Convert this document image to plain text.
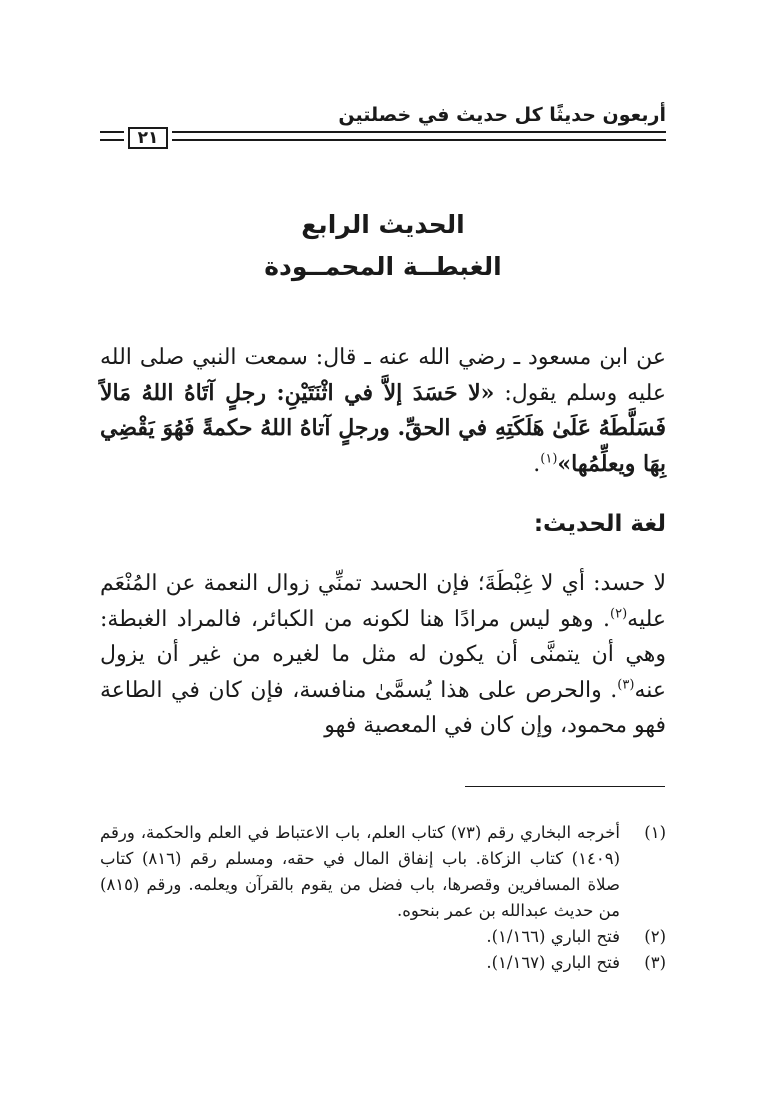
أربعون حديثًا كل حديث في خصلتين
٢١
الحديث الرابع
الغبطــة المحمــودة
عن ابن مسعود ـ رضي الله عنه ـ قال: سمعت النبي صلى الله عليه وسلم يقول: «لا حَسَدَ إلاَّ في اثْنَتَيْنِ: رجلٍ آتَاهُ اللهُ مَالاً فَسَلَّطَهُ عَلَىٰ هَلَكَتِهِ في الحقِّ. ورجلٍ آتاهُ اللهُ حكمةً فَهُوَ يَقْضِي بِهَا ويعلِّمُها»$^{(١)}$.
لغة الحديث:
لا حسد: أي لا غِبْطَةَ؛ فإن الحسد تمنِّي زوال النعمة عن المُنْعَم عليه$^{(٢)}$. وهو ليس مرادًا هنا لكونه من الكبائر، فالمراد الغبطة: وهي أن يتمنَّى أن يكون له مثل ما لغيره من غير أن يزول عنه$^{(٣)}$. والحرص على هذا يُسمَّىٰ منافسة، فإن كان في الطاعة فهو محمود، وإن كان في المعصية فهو
(١)
أخرجه البخاري رقم (٧٣) كتاب العلم، باب الاعتباط في العلم والحكمة، ورقم (١٤٠٩) كتاب الزكاة. باب إنفاق المال في حقه، ومسلم رقم (٨١٦) كتاب صلاة المسافرين وقصرها، باب فضل من يقوم بالقرآن ويعلمه. ورقم (٨١٥) من حديث عبدالله بن عمر بنحوه.
(٢)
فتح الباري (١/١٦٦).
(٣)
فتح الباري (١/١٦٧).
